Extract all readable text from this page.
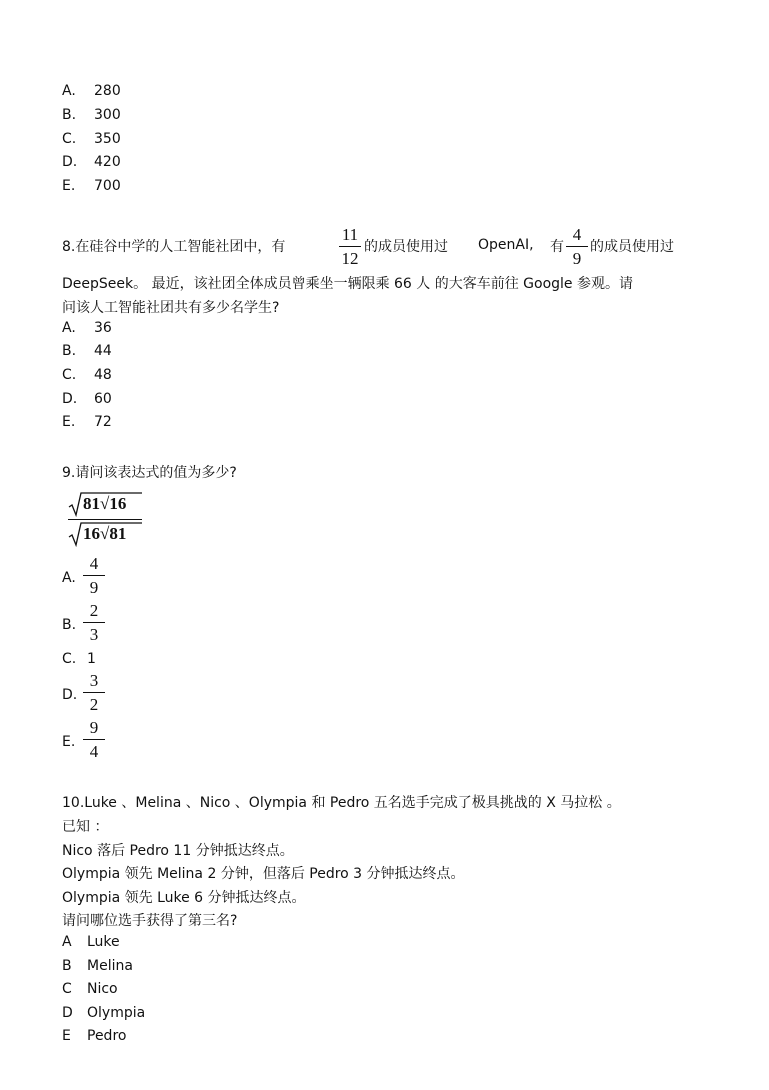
A. 280
B. 300
C. 350
D. 420
E. 700
8.在硅谷中学的人工智能社团中，有
11
12
的成员使用过 OpenAI, 有
4
9
的成员使用过
DeepSeek。 最近，该社团全体成员曾乘坐一辆限乘 66 人 的大客车前往 Google 参观。请
问该人工智能社团共有多少名学生?
A. 36
B. 44
C. 48
D. 60
E. 72
9.请问该表达式的值为多少?
81√16
16√81
A.
4
9
B.
2
3
C. 1
D.
3
2
E.
9
4
10.Luke 、Melina 、Nico 、Olympia 和 Pedro 五名选手完成了极具挑战的 X 马拉松 。
已知 ：
Nico 落后 Pedro 11 分钟抵达终点。
Olympia 领先 Melina 2 分钟，但落后 Pedro 3 分钟抵达终点。
Olympia 领先 Luke 6 分钟抵达终点。
请问哪位选手获得了第三名?
A Luke
B Melina
C Nico
D Olympia
E Pedro
